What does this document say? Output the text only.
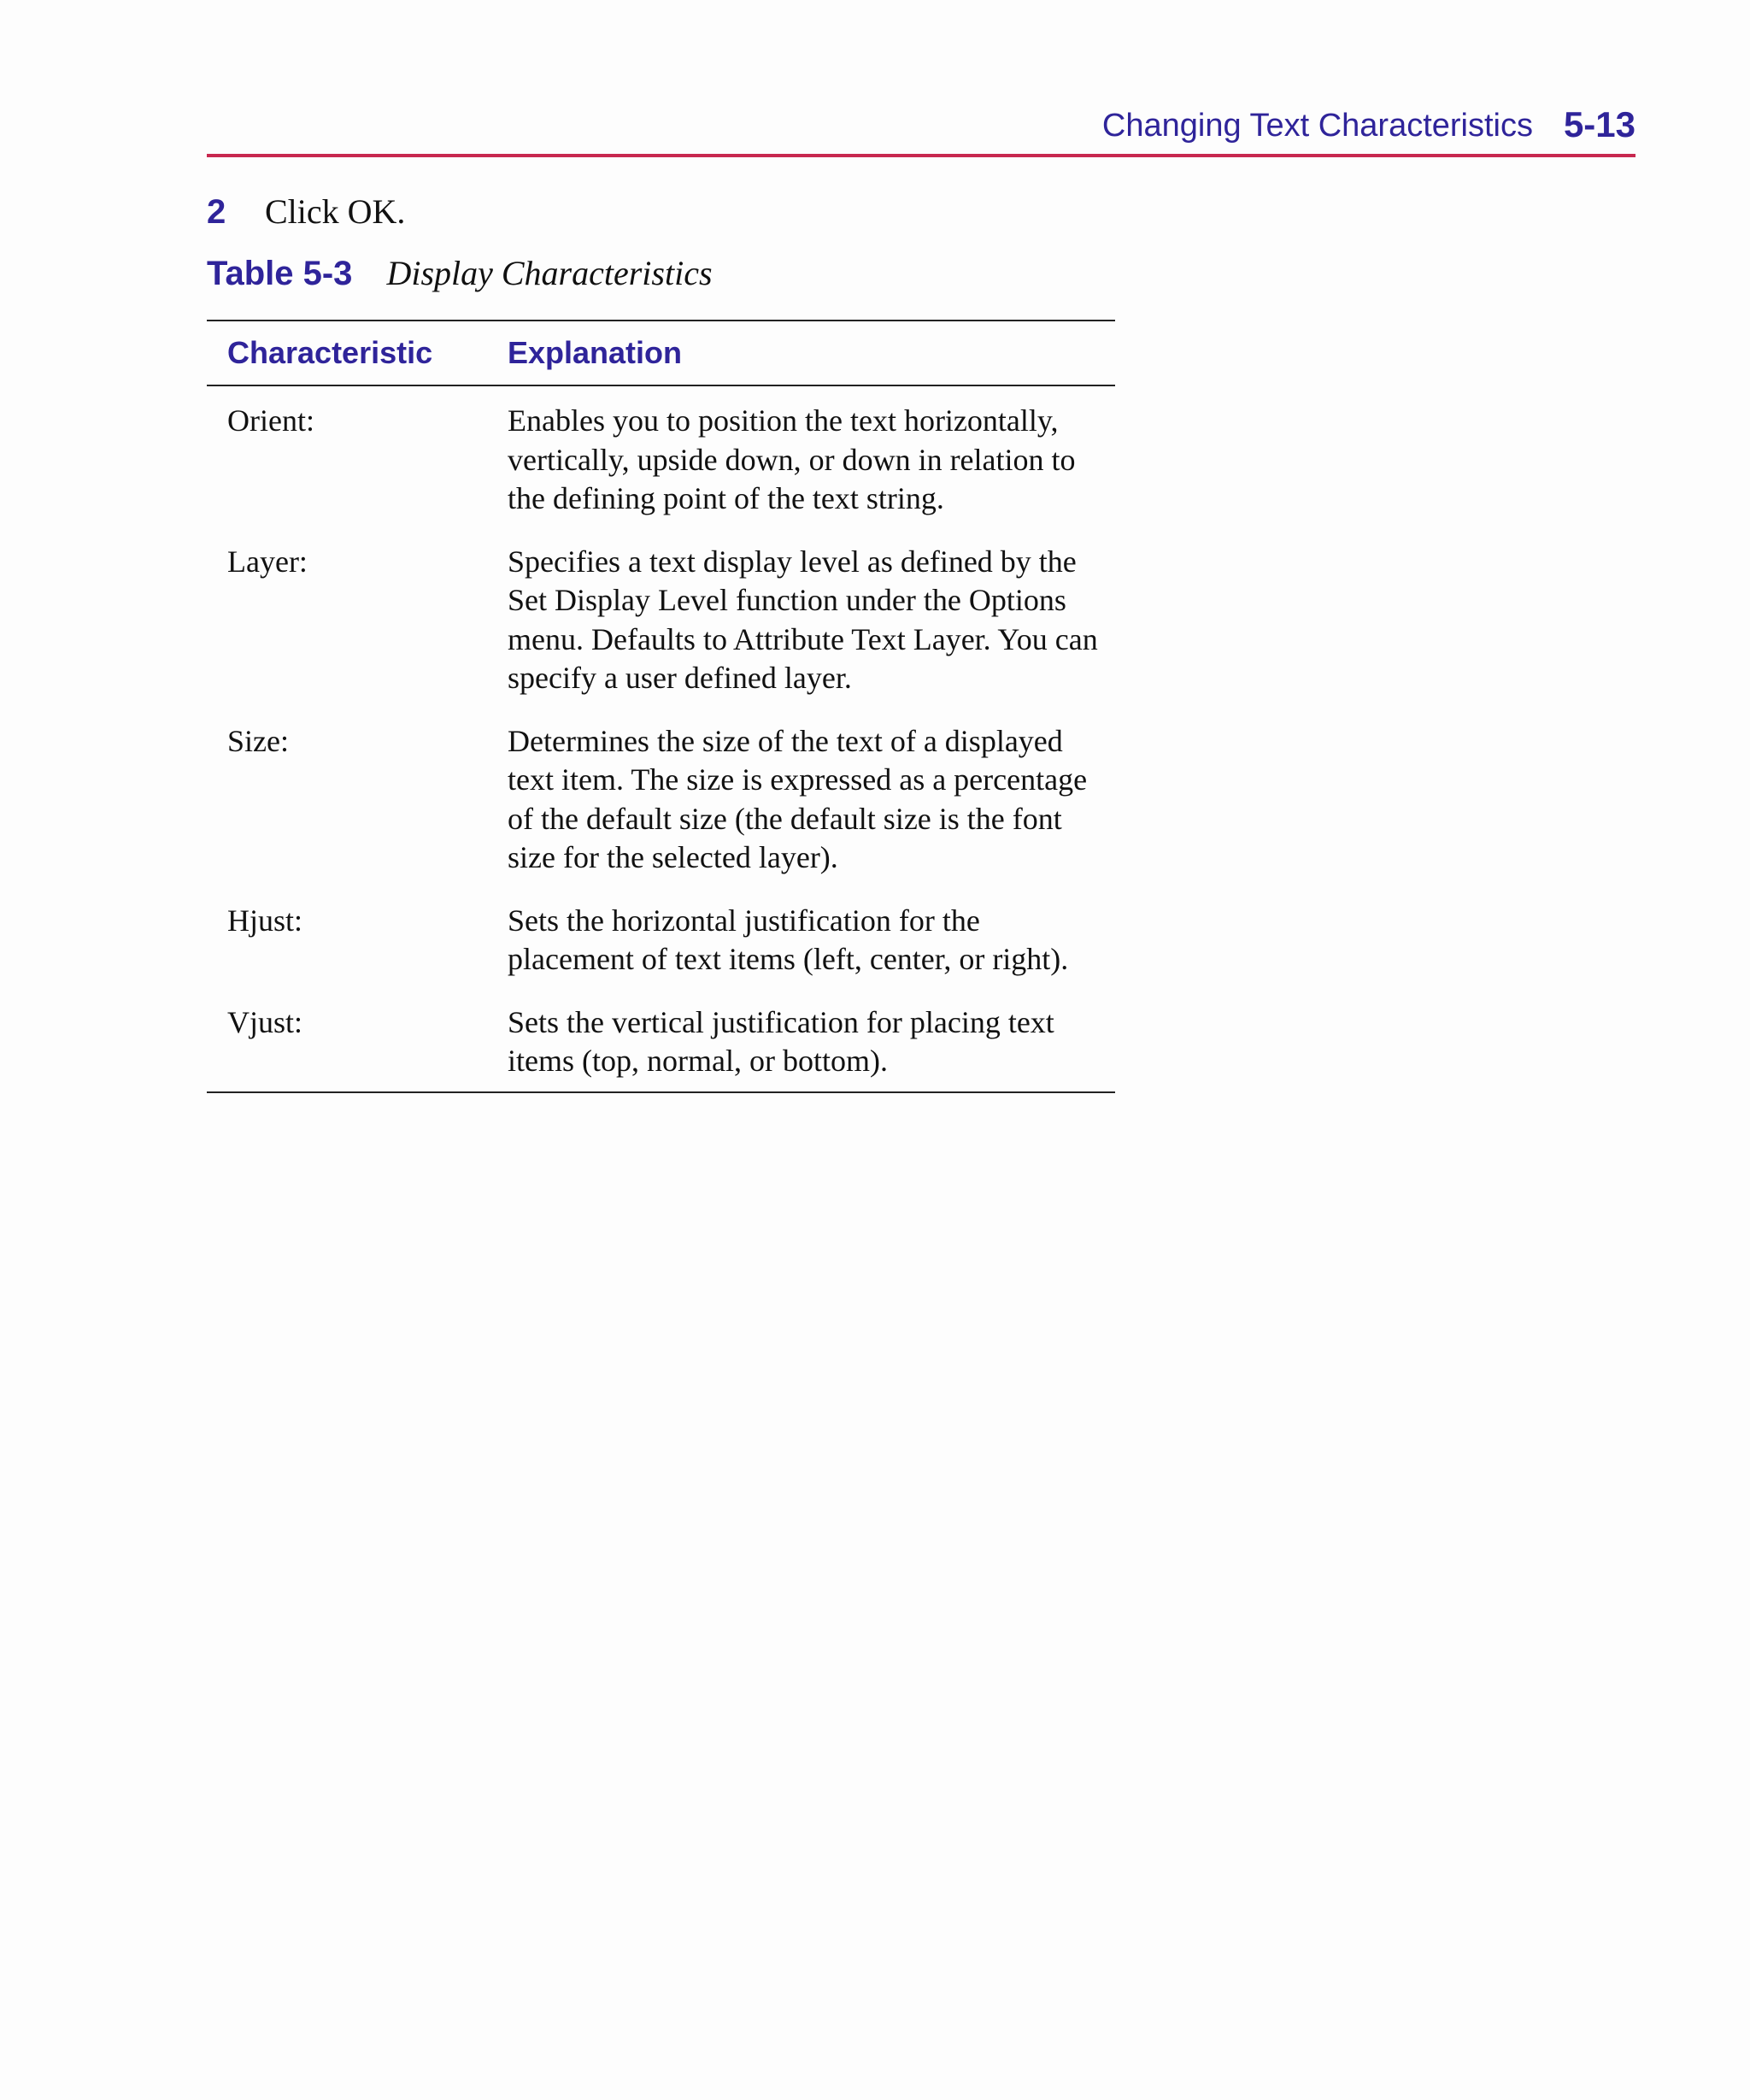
Changing Text Characteristics 5-13
2 Click OK.
Table 5-3 Display Characteristics
Characteristic	Explanation
Orient:	Enables you to position the text horizontally, vertically, upside down, or down in relation to the defining point of the text string.
Layer:	Specifies a text display level as defined by the Set Display Level function under the Options menu. Defaults to Attribute Text Layer. You can specify a user defined layer.
Size:	Determines the size of the text of a displayed text item. The size is expressed as a percentage of the default size (the default size is the font size for the selected layer).
Hjust:	Sets the horizontal justification for the placement of text items (left, center, or right).
Vjust:	Sets the vertical justification for placing text items (top, normal, or bottom).
